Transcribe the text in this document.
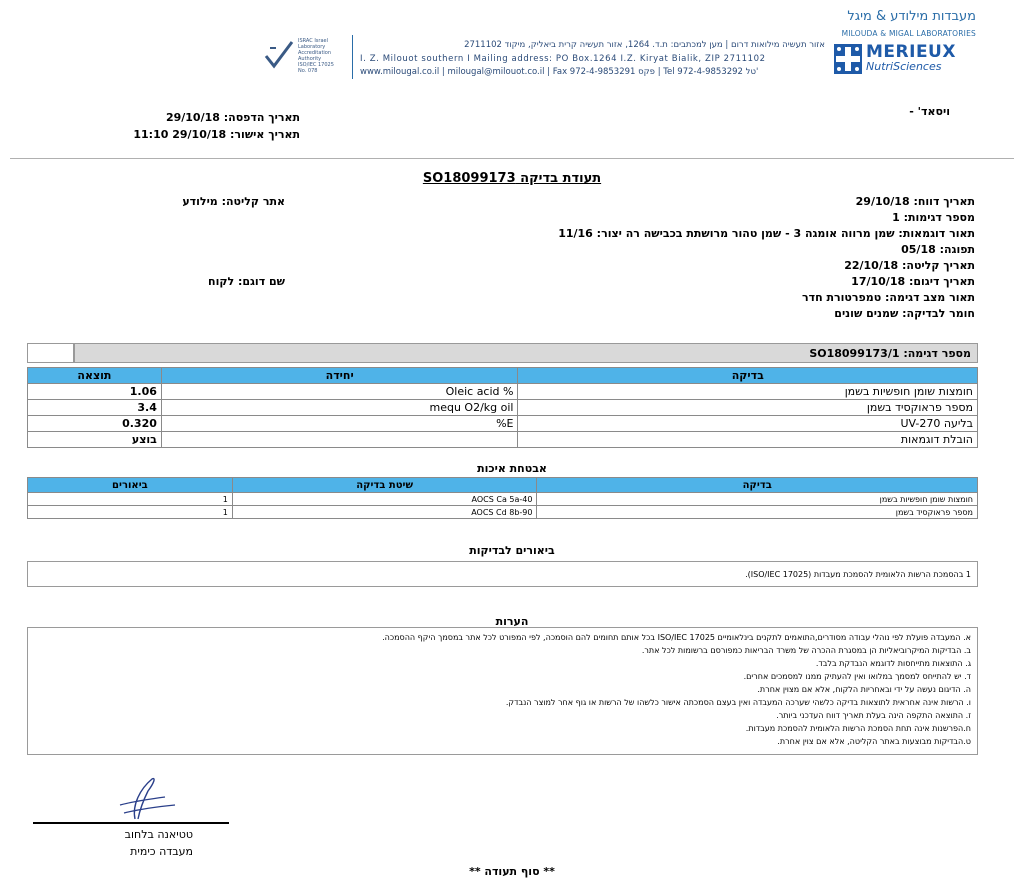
מעבדות מילודע & מיגל
MILOUDA & MIGAL LABORATORIES
MERIEUX
NutriSciences
אזור תעשיה מילואות דרום | מען למכתבים: ת.ד. 1264, אזור תעשיה קרית ביאליק, מיקוד 2711102
I. Z. Milouot southern I Mailing address: PO Box.1264 I.Z. Kiryat Bialik, ZIP 2711102
www.milougal.co.il | milougal@milouot.co.il | Fax 972-4-9853291 פקס | Tel 972-4-9853292 טל'
ISRAC Israel Laboratory Accreditation Authority ISO/IEC 17025 No. 078
ויסאד' -
תאריך הדפסה: 29/10/18
תאריך אישור: 29/10/18 11:10
תעודת בדיקה SO18099173
תאריך דווח: 29/10/18
מספר דגימות: 1
תאור דוגמאות: שמן מרווה אומגה 3 - שמן טהור מרושתת בכבישה רה יצור: 11/16
תפוגה: 05/18
תאריך קליטה: 22/10/18
תאריך דיגום: 17/10/18
תאור מצב דגימה: טמפרטורת חדר
חומר לבדיקה: שמנים שונים
אתר קליטה: מילודע
שם דוגם: לקוח
מספר דגימה: SO18099173/1
בדיקה	יחידה	תוצאה
חומצות שומן חופשיות בשמן	% Oleic acid	1.06
מספר פראוקסיד בשמן	mequ O2/kg oil	3.4
בליעה UV-270	E%	0.320
הובלת דוגמאות		בוצע
אבטחת איכות
בדיקה	שיטת בדיקה	ביאורים
חומצות שומן חופשיות בשמן	AOCS Ca 5a-40	1
מספר פראוקסיד בשמן	AOCS Cd 8b-90	1
ביאורים לבדיקות
1 בהסמכת הרשות הלאומית להסמכת מעבדות (ISO/IEC 17025).
הערות
א. המעבדה פועלת לפי נוהלי עבודה מסודרים,התואמים לתקנים בינלאומיים ISO/IEC 17025 בכל אותם תחומים להם הוסמכה, לפי המפורט לכל אתר במסמך היקף ההסמכה.
ב. הבדיקות המיקרוביאליות הן במסגרת ההכרה של משרד הבריאות כמפורסם ברשומות לכל אתר.
ג. התוצאות מתייחסות לדוגמא הנבדקת בלבד.
ד. יש להתייחס למסמך במלואו ואין להעתיק ממנו למסמכים אחרים.
ה. הדיגום נעשה על ידי ובאחריות הלקוח, אלא אם מצוין אחרת.
ו. הרשות אינה אחראית לתוצאות בדיקה כלשהי שערכה המעבדה ואין בעצם הסמכתה אישור כלשהו של הרשות או גוף אחר למוצר הנבדק.
ז. התוצאה התקפה הינה בעלת תאריך דווח העדכני ביותר.
ח.הפרשנות אינה תחת הסמכת הרשות הלאומית להסמכת מעבדות.
ט.הבדיקות מבוצעות באתר הקליטה, אלא אם צוין אחרת.
טטיאנה בלחוב
מעבדה כימית
** סוף תעודה **
